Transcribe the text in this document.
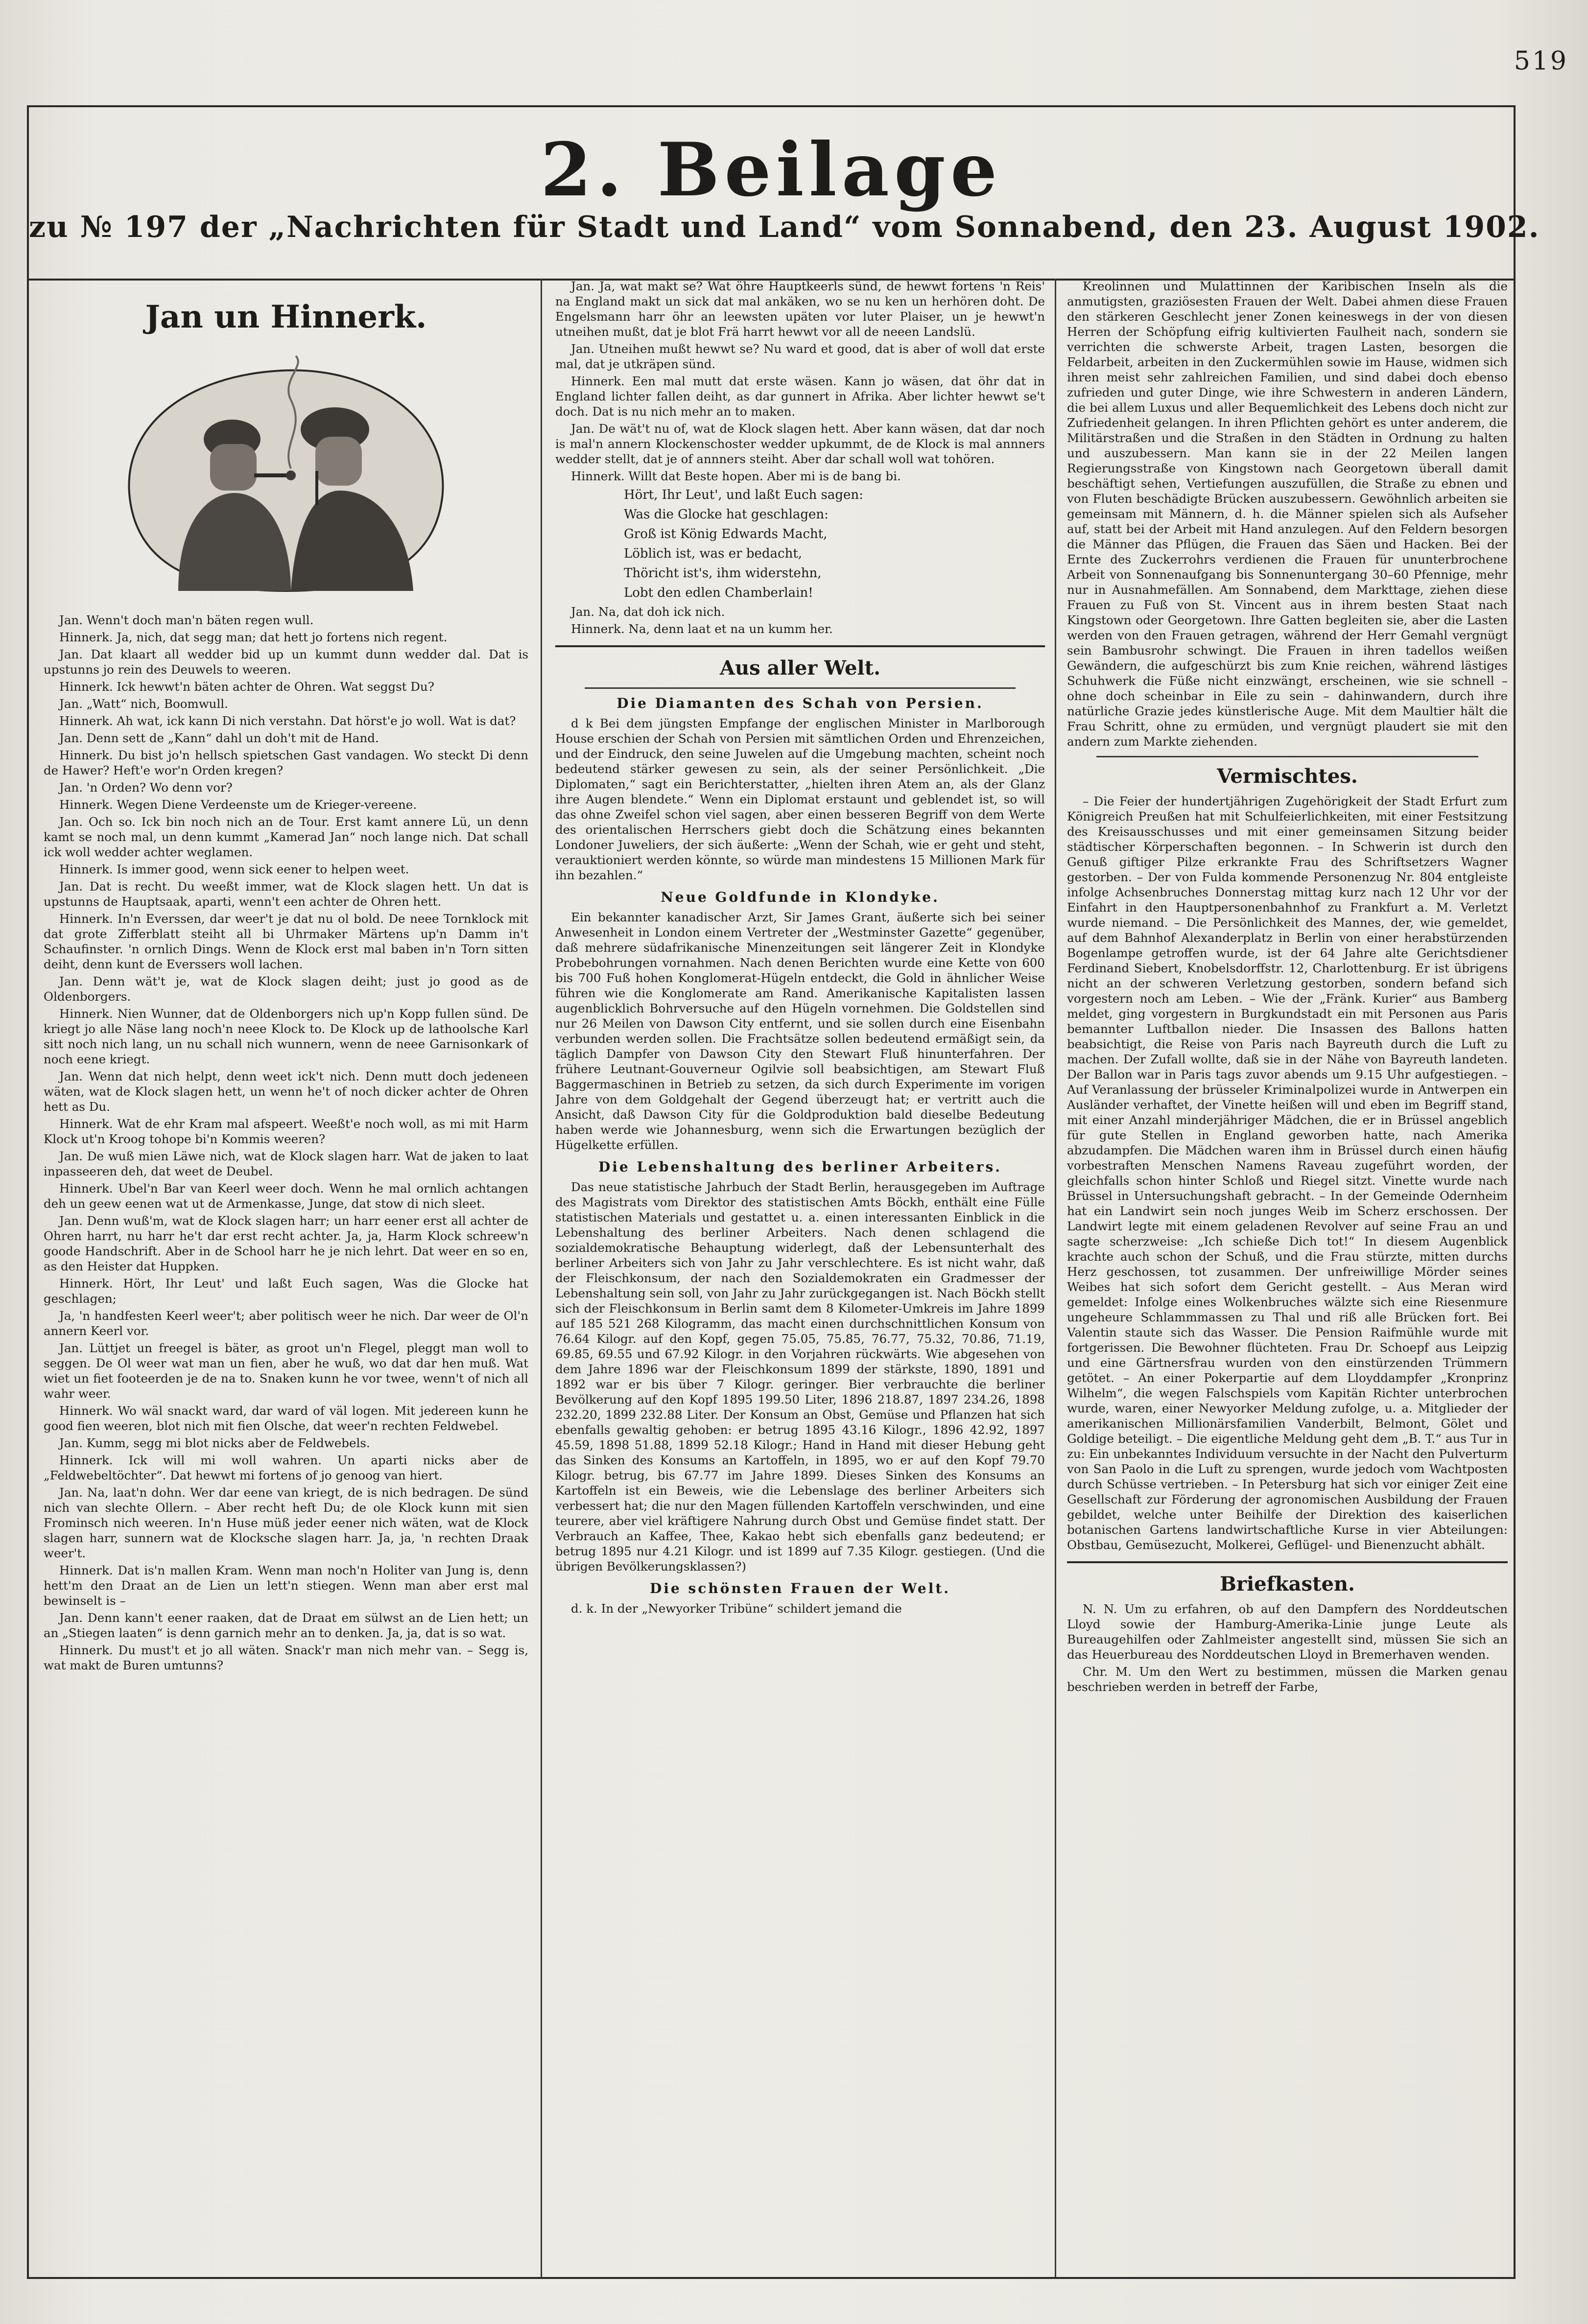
519
2. Beilage
zu № 197 der „Nachrichten für Stadt und Land“ vom Sonnabend, den 23. August 1902.
Jan un Hinnerk.

Jan. Wenn't doch man'n bäten regen wull.

Hinnerk. Ja, nich, dat segg man; dat hett jo fortens nich regent.

Jan. Dat klaart all wedder bid up un kummt dunn wedder dal. Dat is upstunns jo rein des Deuwels to weeren.

Hinnerk. Ick hewwt'n bäten achter de Ohren. Wat seggst Du?

Jan. „Watt“ nich, Boomwull.

Hinnerk. Ah wat, ick kann Di nich verstahn. Dat hörst'e jo woll. Wat is dat?

Jan. Denn sett de „Kann“ dahl un doh't mit de Hand.

Hinnerk. Du bist jo'n hellsch spietschen Gast vandagen. Wo steckt Di denn de Hawer? Heft'e wor'n Orden kregen?

Jan. 'n Orden? Wo denn vor?

Hinnerk. Wegen Diene Verdeenste um de Krieger-vereene.

Jan. Och so. Ick bin noch nich an de Tour. Erst kamt annere Lü, un denn kamt se noch mal, un denn kummt „Kamerad Jan“ noch lange nich. Dat schall ick woll wedder achter weglamen.

Hinnerk. Is immer good, wenn sick eener to helpen weet.

Jan. Dat is recht. Du weeßt immer, wat de Klock slagen hett. Un dat is upstunns de Hauptsaak, aparti, wenn't een achter de Ohren hett.

Hinnerk. In'n Everssen, dar weer't je dat nu ol bold. De neee Tornklock mit dat grote Zifferblatt steiht all bi Uhrmaker Märtens up'n Damm in't Schaufinster. 'n ornlich Dings. Wenn de Klock erst mal baben in'n Torn sitten deiht, denn kunt de Everssers woll lachen.

Jan. Denn wät't je, wat de Klock slagen deiht; just jo good as de Oldenborgers.

Hinnerk. Nien Wunner, dat de Oldenborgers nich up'n Kopp fullen sünd. De kriegt jo alle Näse lang noch'n neee Klock to. De Klock up de lathoolsche Karl sitt noch nich lang, un nu schall nich wunnern, wenn de neee Garnisonkark of noch eene kriegt.

Jan. Wenn dat nich helpt, denn weet ick't nich. Denn mutt doch jedeneen wäten, wat de Klock slagen hett, un wenn he't of noch dicker achter de Ohren hett as Du.

Hinnerk. Wat de ehr Kram mal afspeert. Weeßt'e noch woll, as mi mit Harm Klock ut'n Kroog tohope bi'n Kommis weeren?

Jan. De wuß mien Läwe nich, wat de Klock slagen harr. Wat de jaken to laat inpasseeren deh, dat weet de Deubel.

Hinnerk. Ubel'n Bar van Keerl weer doch. Wenn he mal ornlich achtangen deh un geew eenen wat ut de Armenkasse, Junge, dat stow di nich sleet.

Jan. Denn wuß'm, wat de Klock slagen harr; un harr eener erst all achter de Ohren harrt, nu harr he't dar erst recht achter. Ja, ja, Harm Klock schreew'n goode Handschrift. Aber in de School harr he je nich lehrt. Dat weer en so en, as den Heister dat Huppken.

Hinnerk. Hört, Ihr Leut' und laßt Euch sagen, Was die Glocke hat geschlagen;

Ja, 'n handfesten Keerl weer't; aber politisch weer he nich. Dar weer de Ol'n annern Keerl vor.

Jan. Lüttjet un freegel is bäter, as groot un'n Flegel, pleggt man woll to seggen. De Ol weer wat man un fien, aber he wuß, wo dat dar hen muß. Wat wiet un fiet footeerden je de na to. Snaken kunn he vor twee, wenn't of nich all wahr weer.

Hinnerk. Wo wäl snackt ward, dar ward of väl logen. Mit jedereen kunn he good fien weeren, blot nich mit fien Olsche, dat weer'n rechten Feldwebel.

Jan. Kumm, segg mi blot nicks aber de Feldwebels.

Hinnerk. Ick will mi woll wahren. Un aparti nicks aber de „Feldwebeltöchter“. Dat hewwt mi fortens of jo genoog van hiert.

Jan. Na, laat'n dohn. Wer dar eene van kriegt, de is nich bedragen. De sünd nich van slechte Ollern. – Aber recht heft Du; de ole Klock kunn mit sien Frominsch nich weeren. In'n Huse müß jeder eener nich wäten, wat de Klock slagen harr, sunnern wat de Klocksche slagen harr. Ja, ja, 'n rechten Draak weer't.

Hinnerk. Dat is'n mallen Kram. Wenn man noch'n Holiter van Jung is, denn hett'm den Draat an de Lien un lett'n stiegen. Wenn man aber erst mal bewinselt is –

Jan. Denn kann't eener raaken, dat de Draat em sülwst an de Lien hett; un an „Stiegen laaten“ is denn garnich mehr an to denken. Ja, ja, dat is so wat.

Hinnerk. Du must't et jo all wäten. Snack'r man nich mehr van. – Segg is, wat makt de Buren umtunns?

Jan. Ja, wat makt se? Wat öhre Hauptkeerls sünd, de hewwt fortens 'n Reis' na England makt un sick dat mal ankäken, wo se nu ken un herhören doht. De Engelsmann harr öhr an leewsten upäten vor luter Plaiser, un je hewwt'n utneihen mußt, dat je blot Frä harrt hewwt vor all de neeen Landslü.

Jan. Utneihen mußt hewwt se? Nu ward et good, dat is aber of woll dat erste mal, dat je utkräpen sünd.

Hinnerk. Een mal mutt dat erste wäsen. Kann jo wäsen, dat öhr dat in England lichter fallen deiht, as dar gunnert in Afrika. Aber lichter hewwt se't doch. Dat is nu nich mehr an to maken.

Jan. De wät't nu of, wat de Klock slagen hett. Aber kann wäsen, dat dar noch is mal'n annern Klockenschoster wedder upkummt, de de Klock is mal annners wedder stellt, dat je of annners steiht. Aber dar schall woll wat tohören.

Hinnerk. Willt dat Beste hopen. Aber mi is de bang bi.

Hört, Ihr Leut', und laßt Euch sagen:

Was die Glocke hat geschlagen:

Groß ist König Edwards Macht,

Löblich ist, was er bedacht,

Thöricht ist's, ihm widerstehn,

Lobt den edlen Chamberlain!

Jan. Na, dat doh ick nich.

Hinnerk. Na, denn laat et na un kumm her.

Aus aller Welt.
Die Diamanten des Schah von Persien.

d k Bei dem jüngsten Empfange der englischen Minister in Marlborough House erschien der Schah von Persien mit sämtlichen Orden und Ehrenzeichen, und der Eindruck, den seine Juwelen auf die Umgebung machten, scheint noch bedeutend stärker gewesen zu sein, als der seiner Persönlichkeit. „Die Diplomaten,“ sagt ein Berichterstatter, „hielten ihren Atem an, als der Glanz ihre Augen blendete.“ Wenn ein Diplomat erstaunt und geblendet ist, so will das ohne Zweifel schon viel sagen, aber einen besseren Begriff von dem Werte des orientalischen Herrschers giebt doch die Schätzung eines bekannten Londoner Juweliers, der sich äußerte: „Wenn der Schah, wie er geht und steht, verauktioniert werden könnte, so würde man mindestens 15 Millionen Mark für ihn bezahlen.“

Neue Goldfunde in Klondyke.

Ein bekannter kanadischer Arzt, Sir James Grant, äußerte sich bei seiner Anwesenheit in London einem Vertreter der „Westminster Gazette“ gegenüber, daß mehrere südafrikanische Minenzeitungen seit längerer Zeit in Klondyke Probebohrungen vornahmen. Nach denen Berichten wurde eine Kette von 600 bis 700 Fuß hohen Konglomerat-Hügeln entdeckt, die Gold in ähnlicher Weise führen wie die Konglomerate am Rand. Amerikanische Kapitalisten lassen augenblicklich Bohrversuche auf den Hügeln vornehmen. Die Goldstellen sind nur 26 Meilen von Dawson City entfernt, und sie sollen durch eine Eisenbahn verbunden werden sollen. Die Frachtsätze sollen bedeutend ermäßigt sein, da täglich Dampfer von Dawson City den Stewart Fluß hinunterfahren. Der frühere Leutnant-Gouverneur Ogilvie soll beabsichtigen, am Stewart Fluß Baggermaschinen in Betrieb zu setzen, da sich durch Experimente im vorigen Jahre von dem Goldgehalt der Gegend überzeugt hat; er vertritt auch die Ansicht, daß Dawson City für die Goldproduktion bald dieselbe Bedeutung haben werde wie Johannesburg, wenn sich die Erwartungen bezüglich der Hügelkette erfüllen.

Die Lebenshaltung des berliner Arbeiters.

Das neue statistische Jahrbuch der Stadt Berlin, herausgegeben im Auftrage des Magistrats vom Direktor des statistischen Amts Böckh, enthält eine Fülle statistischen Materials und gestattet u. a. einen interessanten Einblick in die Lebenshaltung des berliner Arbeiters. Nach denen schlagend die sozialdemokratische Behauptung widerlegt, daß der Lebensunterhalt des berliner Arbeiters sich von Jahr zu Jahr verschlechtere. Es ist nicht wahr, daß der Fleischkonsum, der nach den Sozialdemokraten ein Gradmesser der Lebenshaltung sein soll, von Jahr zu Jahr zurückgegangen ist. Nach Böckh stellt sich der Fleischkonsum in Berlin samt dem 8 Kilometer-Umkreis im Jahre 1899 auf 185 521 268 Kilogramm, das macht einen durchschnittlichen Konsum von 76.64 Kilogr. auf den Kopf, gegen 75.05, 75.85, 76.77, 75.32, 70.86, 71.19, 69.85, 69.55 und 67.92 Kilogr. in den Vorjahren rückwärts. Wie abgesehen von dem Jahre 1896 war der Fleischkonsum 1899 der stärkste, 1890, 1891 und 1892 war er bis über 7 Kilogr. geringer. Bier verbrauchte die berliner Bevölkerung auf den Kopf 1895 199.50 Liter, 1896 218.87, 1897 234.26, 1898 232.20, 1899 232.88 Liter. Der Konsum an Obst, Gemüse und Pflanzen hat sich ebenfalls gewaltig gehoben: er betrug 1895 43.16 Kilogr., 1896 42.92, 1897 45.59, 1898 51.88, 1899 52.18 Kilogr.; Hand in Hand mit dieser Hebung geht das Sinken des Konsums an Kartoffeln, in 1895, wo er auf den Kopf 79.70 Kilogr. betrug, bis 67.77 im Jahre 1899. Dieses Sinken des Konsums an Kartoffeln ist ein Beweis, wie die Lebenslage des berliner Arbeiters sich verbessert hat; die nur den Magen füllenden Kartoffeln verschwinden, und eine teurere, aber viel kräftigere Nahrung durch Obst und Gemüse findet statt. Der Verbrauch an Kaffee, Thee, Kakao hebt sich ebenfalls ganz bedeutend; er betrug 1895 nur 4.21 Kilogr. und ist 1899 auf 7.35 Kilogr. gestiegen. (Und die übrigen Bevölkerungsklassen?)

Die schönsten Frauen der Welt.

d. k. In der „Newyorker Tribüne“ schildert jemand die

Kreolinnen und Mulattinnen der Karibischen Inseln als die anmutigsten, graziösesten Frauen der Welt. Dabei ahmen diese Frauen den stärkeren Geschlecht jener Zonen keineswegs in der von diesen Herren der Schöpfung eifrig kultivierten Faulheit nach, sondern sie verrichten die schwerste Arbeit, tragen Lasten, besorgen die Feldarbeit, arbeiten in den Zuckermühlen sowie im Hause, widmen sich ihren meist sehr zahlreichen Familien, und sind dabei doch ebenso zufrieden und guter Dinge, wie ihre Schwestern in anderen Ländern, die bei allem Luxus und aller Bequemlichkeit des Lebens doch nicht zur Zufriedenheit gelangen. In ihren Pflichten gehört es unter anderem, die Militärstraßen und die Straßen in den Städten in Ordnung zu halten und auszubessern. Man kann sie in der 22 Meilen langen Regierungsstraße von Kingstown nach Georgetown überall damit beschäftigt sehen, Vertiefungen auszufüllen, die Straße zu ebnen und von Fluten beschädigte Brücken auszubessern. Gewöhnlich arbeiten sie gemeinsam mit Männern, d. h. die Männer spielen sich als Aufseher auf, statt bei der Arbeit mit Hand anzulegen. Auf den Feldern besorgen die Männer das Pflügen, die Frauen das Säen und Hacken. Bei der Ernte des Zuckerrohrs verdienen die Frauen für ununterbrochene Arbeit von Sonnenaufgang bis Sonnenuntergang 30–60 Pfennige, mehr nur in Ausnahmefällen. Am Sonnabend, dem Markttage, ziehen diese Frauen zu Fuß von St. Vincent aus in ihrem besten Staat nach Kingstown oder Georgetown. Ihre Gatten begleiten sie, aber die Lasten werden von den Frauen getragen, während der Herr Gemahl vergnügt sein Bambusrohr schwingt. Die Frauen in ihren tadellos weißen Gewändern, die aufgeschürzt bis zum Knie reichen, während lästiges Schuhwerk die Füße nicht einzwängt, erscheinen, wie sie schnell – ohne doch scheinbar in Eile zu sein – dahinwandern, durch ihre natürliche Grazie jedes künstlerische Auge. Mit dem Maultier hält die Frau Schritt, ohne zu ermüden, und vergnügt plaudert sie mit den andern zum Markte ziehenden.

Vermischtes.

– Die Feier der hundertjährigen Zugehörigkeit der Stadt Erfurt zum Königreich Preußen hat mit Schulfeierlichkeiten, mit einer Festsitzung des Kreisausschusses und mit einer gemeinsamen Sitzung beider städtischer Körperschaften begonnen. – In Schwerin ist durch den Genuß giftiger Pilze erkrankte Frau des Schriftsetzers Wagner gestorben. – Der von Fulda kommende Personenzug Nr. 804 entgleiste infolge Achsenbruches Donnerstag mittag kurz nach 12 Uhr vor der Einfahrt in den Hauptpersonenbahnhof zu Frankfurt a. M. Verletzt wurde niemand. – Die Persönlichkeit des Mannes, der, wie gemeldet, auf dem Bahnhof Alexanderplatz in Berlin von einer herabstürzenden Bogenlampe getroffen wurde, ist der 64 Jahre alte Gerichtsdiener Ferdinand Siebert, Knobelsdorffstr. 12, Charlottenburg. Er ist übrigens nicht an der schweren Verletzung gestorben, sondern befand sich vorgestern noch am Leben. – Wie der „Fränk. Kurier“ aus Bamberg meldet, ging vorgestern in Burgkundstadt ein mit Personen aus Paris bemannter Luftballon nieder. Die Insassen des Ballons hatten beabsichtigt, die Reise von Paris nach Bayreuth durch die Luft zu machen. Der Zufall wollte, daß sie in der Nähe von Bayreuth landeten. Der Ballon war in Paris tags zuvor abends um 9.15 Uhr aufgestiegen. – Auf Veranlassung der brüsseler Kriminalpolizei wurde in Antwerpen ein Ausländer verhaftet, der Vinette heißen will und eben im Begriff stand, mit einer Anzahl minderjähriger Mädchen, die er in Brüssel angeblich für gute Stellen in England geworben hatte, nach Amerika abzudampfen. Die Mädchen waren ihm in Brüssel durch einen häufig vorbestraften Menschen Namens Raveau zugeführt worden, der gleichfalls schon hinter Schloß und Riegel sitzt. Vinette wurde nach Brüssel in Untersuchungshaft gebracht. – In der Gemeinde Odernheim hat ein Landwirt sein noch junges Weib im Scherz erschossen. Der Landwirt legte mit einem geladenen Revolver auf seine Frau an und sagte scherzweise: „Ich schieße Dich tot!“ In diesem Augenblick krachte auch schon der Schuß, und die Frau stürzte, mitten durchs Herz geschossen, tot zusammen. Der unfreiwillige Mörder seines Weibes hat sich sofort dem Gericht gestellt. – Aus Meran wird gemeldet: Infolge eines Wolkenbruches wälzte sich eine Riesenmure ungeheure Schlammmassen zu Thal und riß alle Brücken fort. Bei Valentin staute sich das Wasser. Die Pension Raifmühle wurde mit fortgerissen. Die Bewohner flüchteten. Frau Dr. Schoepf aus Leipzig und eine Gärtnersfrau wurden von den einstürzenden Trümmern getötet. – An einer Pokerpartie auf dem Lloyddampfer „Kronprinz Wilhelm“, die wegen Falschspiels vom Kapitän Richter unterbrochen wurde, waren, einer Newyorker Meldung zufolge, u. a. Mitglieder der amerikanischen Millionärsfamilien Vanderbilt, Belmont, Gölet und Goldige beteiligt. – Die eigentliche Meldung geht dem „B. T.“ aus Tur in zu: Ein unbekanntes Individuum versuchte in der Nacht den Pulverturm von San Paolo in die Luft zu sprengen, wurde jedoch vom Wachtposten durch Schüsse vertrieben. – In Petersburg hat sich vor einiger Zeit eine Gesellschaft zur Förderung der agronomischen Ausbildung der Frauen gebildet, welche unter Beihilfe der Direktion des kaiserlichen botanischen Gartens landwirtschaftliche Kurse in vier Abteilungen: Obstbau, Gemüsezucht, Molkerei, Geflügel- und Bienenzucht abhält.

Briefkasten.

N. N. Um zu erfahren, ob auf den Dampfern des Norddeutschen Lloyd sowie der Hamburg-Amerika-Linie junge Leute als Bureaugehilfen oder Zahlmeister angestellt sind, müssen Sie sich an das Heuerbureau des Norddeutschen Lloyd in Bremerhaven wenden.

Chr. M. Um den Wert zu bestimmen, müssen die Marken genau beschrieben werden in betreff der Farbe,
